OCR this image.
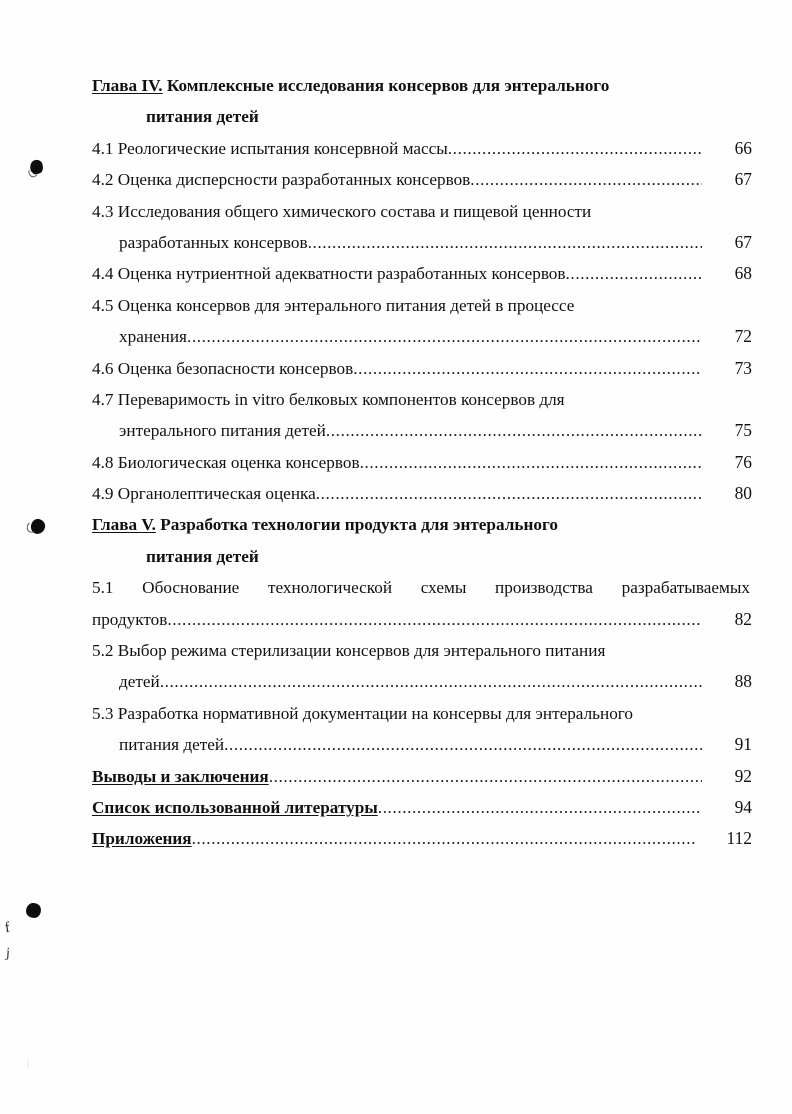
Глава IV. Комплексные исследования консервов для энтерального
питания детей
4.1 Реологические испытания консервной массы .....	66
4.2 Оценка дисперсности разработанных консервов .....	67
4.3 Исследования общего химического состава и пищевой ценности
разработанных консервов .....	67
4.4 Оценка нутриентной адекватности разработанных консервов .....	68
4.5 Оценка консервов для энтерального питания детей в процессе
хранения .....	72
4.6 Оценка безопасности консервов .....	73
4.7 Переваримость in vitro белковых компонентов консервов для
энтерального питания детей .....	75
4.8 Биологическая оценка консервов .....	76
4.9 Органолептическая оценка .....	80
Глава V. Разработка технологии продукта для энтерального
питания детей
5.1 Обоснование технологической схемы производства разрабатываемых
продуктов .....	82
5.2 Выбор режима стерилизации консервов для энтерального питания
детей .....	88
5.3 Разработка нормативной документации на консервы для энтерального
питания детей .....	91
Выводы и заключения .....	92
Список использованной литературы .....	94
Приложения .....	112
f
j
|
